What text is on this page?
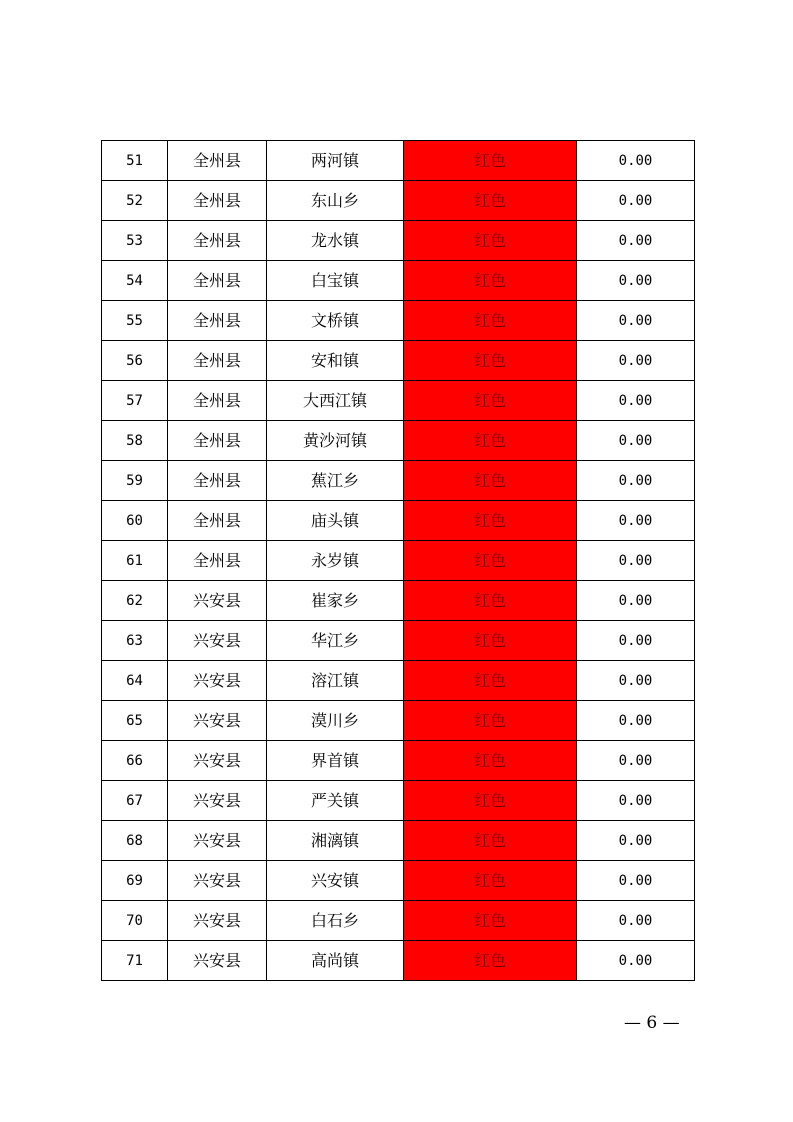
51	全州县	两河镇	红色	0.00
52	全州县	东山乡	红色	0.00
53	全州县	龙水镇	红色	0.00
54	全州县	白宝镇	红色	0.00
55	全州县	文桥镇	红色	0.00
56	全州县	安和镇	红色	0.00
57	全州县	大西江镇	红色	0.00
58	全州县	黄沙河镇	红色	0.00
59	全州县	蕉江乡	红色	0.00
60	全州县	庙头镇	红色	0.00
61	全州县	永岁镇	红色	0.00
62	兴安县	崔家乡	红色	0.00
63	兴安县	华江乡	红色	0.00
64	兴安县	溶江镇	红色	0.00
65	兴安县	漠川乡	红色	0.00
66	兴安县	界首镇	红色	0.00
67	兴安县	严关镇	红色	0.00
68	兴安县	湘漓镇	红色	0.00
69	兴安县	兴安镇	红色	0.00
70	兴安县	白石乡	红色	0.00
71	兴安县	高尚镇	红色	0.00
— 6 —
